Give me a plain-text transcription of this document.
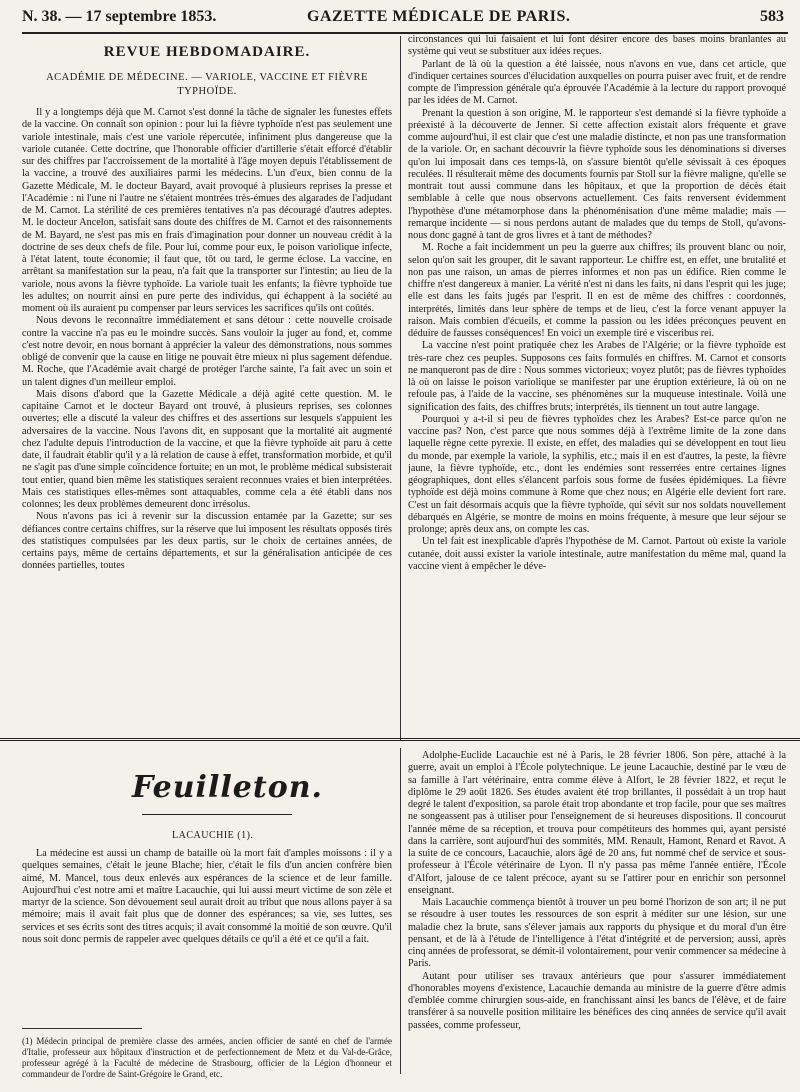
N. 38. — 17 septembre 1853.	GAZETTE MÉDICALE DE PARIS.	583
REVUE HEBDOMADAIRE.
ACADÉMIE DE MÉDECINE. — VARIOLE, VACCINE ET FIÈVRE TYPHOÏDE.

Il y a longtemps déjà que M. Carnot s'est donné la tâche de signaler les funestes effets de la vaccine. On connaît son opinion : pour lui la fièvre typhoïde n'est pas seulement une variole intestinale, mais c'est une variole répercutée, infiniment plus dangereuse que la variole cutanée. Cette doctrine, que l'honorable officier d'artillerie s'était efforcé d'établir sur des chiffres par l'accroissement de la mortalité à l'âge moyen depuis l'établissement de la vaccine, a trouvé des auxiliaires parmi les médecins. L'un d'eux, bien connu de la Gazette Médicale, M. le docteur Bayard, avait provoqué à plusieurs reprises la presse et l'Académie : ni l'une ni l'autre ne s'étaient montrées très-émues des algarades de l'adjudant de M. Carnot. La stérilité de ces premières tentatives n'a pas découragé d'autres adeptes. M. le docteur Ancelon, satisfait sans doute des chiffres de M. Carnot et des raisonnements de M. Bayard, ne s'est pas mis en frais d'imagination pour donner un nouveau crédit à la doctrine de ses deux chefs de file. Pour lui, comme pour eux, le poison variolique infecte, à l'état latent, toute économie; il faut que, tôt ou tard, le germe éclose. La vaccine, en arrêtant sa manifestation sur la peau, n'a fait que la transporter sur l'intestin; au lieu de la variole, nous avons la fièvre typhoïde. La variole tuait les enfants; la fièvre typhoïde tue les adultes; on nourrit ainsi en pure perte des individus, qui échappent à la société au moment où ils auraient pu compenser par leurs services les sacrifices qu'ils ont coûtés.

Nous devons le reconnaître immédiatement et sans détour : cette nouvelle croisade contre la vaccine n'a pas eu le moindre succès. Sans vouloir la juger au fond, et, comme c'est notre devoir, en nous bornant à apprécier la valeur des démonstrations, nous sommes obligé de convenir que la cause en litige ne pouvait être mieux ni plus sagement défendue. M. Roche, que l'Académie avait chargé de protéger l'arche sainte, l'a fait avec un soin et un talent dignes d'un meilleur emploi.

Mais disons d'abord que la Gazette Médicale a déjà agité cette question. M. le capitaine Carnot et le docteur Bayard ont trouvé, à plusieurs reprises, ses colonnes ouvertes; elle a discuté la valeur des chiffres et des assertions sur lesquels s'appuient les adversaires de la vaccine. Nous l'avons dit, en supposant que la mortalité ait augmenté chez l'adulte depuis l'introduction de la vaccine, et que la fièvre typhoïde ait paru à cette date, il faudrait établir qu'il y a là relation de cause à effet, transformation morbide, et qu'il ne s'agit pas d'une simple coïncidence fortuite; en un mot, le problème médical subsisterait tout entier, quand bien même les statistiques seraient reconnues vraies et bien interprétées. Mais ces statistiques elles-mêmes sont attaquables, comme cela a été établi dans nos colonnes; les deux problèmes demeurent donc irrésolus.

Nous n'avons pas ici à revenir sur la discussion entamée par la Gazette; sur ses défiances contre certains chiffres, sur la réserve que lui imposent les résultats opposés tirés des statistiques compulsées par les deux partis, sur le choix de certaines années, de certains pays, même de certains départements, et sur la généralisation anticipée de ces données partielles, toutes

circonstances qui lui faisaient et lui font désirer encore des bases moins branlantes au système qui veut se substituer aux idées reçues.

Parlant de là où la question a été laissée, nous n'avons en vue, dans cet article, que d'indiquer certaines sources d'élucidation auxquelles on pourra puiser avec fruit, et de rendre compte de l'impression générale qu'a éprouvée l'Académie à la lecture du rapport provoqué par les idées de M. Carnot.

Prenant la question à son origine, M. le rapporteur s'est demandé si la fièvre typhoïde a préexisté à la découverte de Jenner. Si cette affection existait alors fréquente et grave comme aujourd'hui, il est clair que c'est une maladie distincte, et non pas une transformation de la variole. Or, en sachant découvrir la fièvre typhoïde sous les dénominations si diverses qu'on lui imposait dans ces temps-là, on s'assure bientôt qu'elle sévissait à ces époques reculées. Il résulterait même des documents fournis par Stoll sur la fièvre maligne, qu'elle se montrait tout aussi commune dans les hôpitaux, et que la proportion de décès était semblable à celle que nous observons actuellement. Ces faits renversent évidemment l'hypothèse d'une métamorphose dans la phénoménisation d'une même maladie; mais — remarque incidente — si nous perdons autant de malades que du temps de Stoll, qu'avons-nous donc gagné à tant de gros livres et à tant de méthodes?

M. Roche a fait incidemment un peu la guerre aux chiffres; ils prouvent blanc ou noir, selon qu'on sait les grouper, dit le savant rapporteur. Le chiffre est, en effet, une brutalité et non pas une raison, un amas de pierres informes et non pas un édifice. Rien comme le chiffre n'est dangereux à manier. La vérité n'est ni dans les faits, ni dans l'esprit qui les juge; elle est dans les faits jugés par l'esprit. Il en est de même des chiffres : coordonnés, interprétés, limités dans leur sphère de temps et de lieu, c'est la force venant appuyer la raison. Mais combien d'écueils, et comme la passion ou les idées préconçues peuvent en déduire de fausses conséquences! En voici un exemple tiré e visceribus rei.

La vaccine n'est point pratiquée chez les Arabes de l'Algérie; or la fièvre typhoïde est très-rare chez ces peuples. Supposons ces faits formulés en chiffres. M. Carnot et consorts ne manqueront pas de dire : Nous sommes victorieux; voyez plutôt; pas de fièvres typhoïdes là où on laisse le poison variolique se manifester par une éruption extérieure, là où on ne refoule pas, à l'aide de la vaccine, ses phénomènes sur la muqueuse intestinale. Voilà une signification des faits, des chiffres bruts; interprétés, ils tiennent un tout autre langage.

Pourquoi y a-t-il si peu de fièvres typhoïdes chez les Arabes? Est-ce parce qu'on ne vaccine pas? Non, c'est parce que nous sommes déjà à l'extrême limite de la zone dans laquelle règne cette pyrexie. Il existe, en effet, des maladies qui se développent en tout lieu du monde, par exemple la variole, la syphilis, etc.; mais il en est d'autres, la peste, la fièvre jaune, la fièvre typhoïde, etc., dont les endémies sont resserrées entre certaines lignes géographiques, dont elles s'élancent parfois sous forme de fusées épidémiques. La fièvre typhoïde est déjà moins commune à Rome que chez nous; en Algérie elle devient fort rare. C'est un fait désormais acquis que la fièvre typhoïde, qui sévit sur nos soldats nouvellement débarqués en Algérie, se montre de moins en moins fréquente, à mesure que leur séjour se prolonge; après deux ans, on compte les cas.

Un tel fait est inexplicable d'après l'hypothèse de M. Carnot. Partout où existe la variole cutanée, doit aussi exister la variole intestinale, autre manifestation du même mal, quand la vaccine vient à empêcher le déve-

Feuilleton.
LACAUCHIE (1).

La médecine est aussi un champ de bataille où la mort fait d'amples moissons : il y a quelques semaines, c'était le jeune Blache; hier, c'était le fils d'un ancien confrère bien aimé, M. Mancel, tous deux enlevés aux espérances de la science et de leur famille. Aujourd'hui c'est notre ami et maître Lacauchie, qui lui aussi meurt victime de son zèle et martyr de la science. Son dévouement seul aurait droit au tribut que nous allons payer à sa mémoire; mais il avait fait plus que de donner des espérances; sa vie, ses luttes, ses services et ses écrits sont des titres acquis; il avait consommé la moitié de son œuvre. Qu'il nous soit donc permis de rappeler avec quelques détails ce qu'il a été et ce qu'il a fait.

(1) Médecin principal de première classe des armées, ancien officier de santé en chef de l'armée d'Italie, professeur aux hôpitaux d'instruction et de perfectionnement de Metz et du Val-de-Grâce, professeur agrégé à la Faculté de médecine de Strasbourg, officier de la Légion d'honneur et commandeur de l'ordre de Saint-Grégoire le Grand, etc.

Adolphe-Euclide Lacauchie est né à Paris, le 28 février 1806. Son père, attaché à la guerre, avait un emploi à l'École polytechnique. Le jeune Lacauchie, destiné par le vœu de sa famille à l'art vétérinaire, entra comme élève à Alfort, le 28 février 1822, et reçut le diplôme le 29 août 1826. Ses études avaient été trop brillantes, il possédait à un trop haut degré le talent d'exposition, sa parole était trop abondante et trop facile, pour que ses maîtres ne songeassent pas à utiliser pour l'enseignement de si heureuses dispositions. Il concourut l'année même de sa réception, et trouva pour compétiteurs des hommes qui, ayant persisté dans la carrière, sont aujourd'hui des sommités, MM. Renault, Hamont, Renard et Ravot. A la suite de ce concours, Lacauchie, alors âgé de 20 ans, fut nommé chef de service et sous-professeur à l'École vétérinaire de Lyon. Il n'y passa pas même l'année entière, l'École d'Alfort, jalouse de ce talent précoce, ayant su se l'attirer pour en enrichir son personnel enseignant.

Mais Lacauchie commença bientôt à trouver un peu borné l'horizon de son art; il ne put se résoudre à user toutes les ressources de son esprit à méditer sur une lésion, sur une maladie chez la brute, sans s'élever jamais aux rapports du physique et du moral d'un être pensant, et de là à l'étude de l'intelligence à l'état d'intégrité et de perversion; aussi, après cinq années de professorat, se démit-il volontairement, pour venir commencer sa médecine à Paris.

Autant pour utiliser ses travaux antérieurs que pour s'assurer immédiatement d'honorables moyens d'existence, Lacauchie demanda au ministre de la guerre d'être admis d'emblée comme chirurgien sous-aide, en franchissant ainsi les bancs de l'élève, et de faire transférer à sa nouvelle position militaire les bénéfices des cinq années de service qu'il avait passées, comme professeur,
